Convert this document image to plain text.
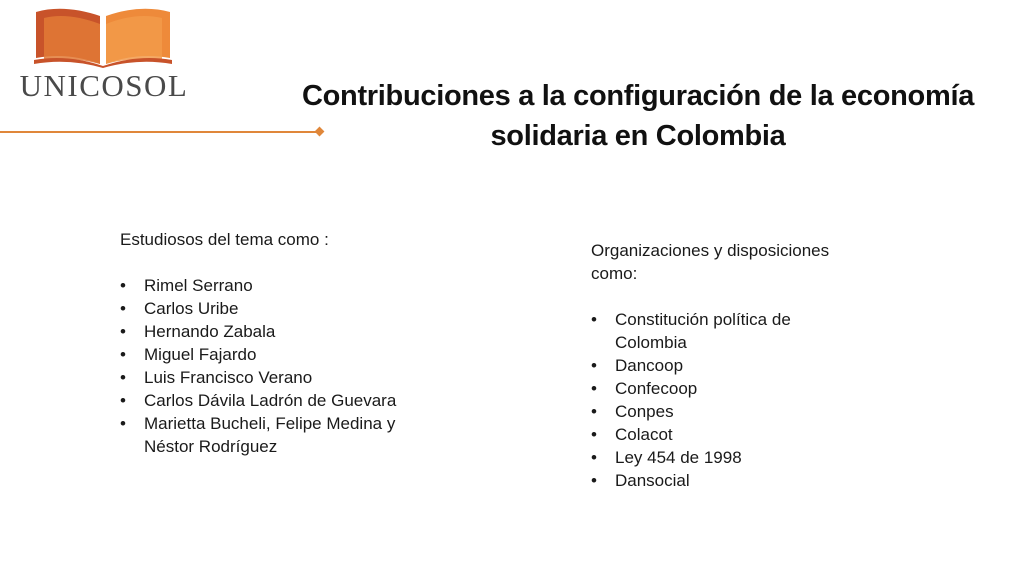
UNICOSOL	Contribuciones a la configuración de la economía solidaria en Colombia

Estudiosos del tema como :

•	Rimel Serrano
•	Carlos Uribe
•	Hernando Zabala
•	Miguel Fajardo
•	Luis Francisco Verano
•	Carlos Dávila Ladrón de Guevara
•	Marietta Bucheli, Felipe Medina y Néstor Rodríguez

Organizaciones y disposiciones como:

•	Constitución política de Colombia
•	Dancoop
•	Confecoop
•	Conpes
•	Colacot
•	Ley 454 de 1998
•	Dansocial
